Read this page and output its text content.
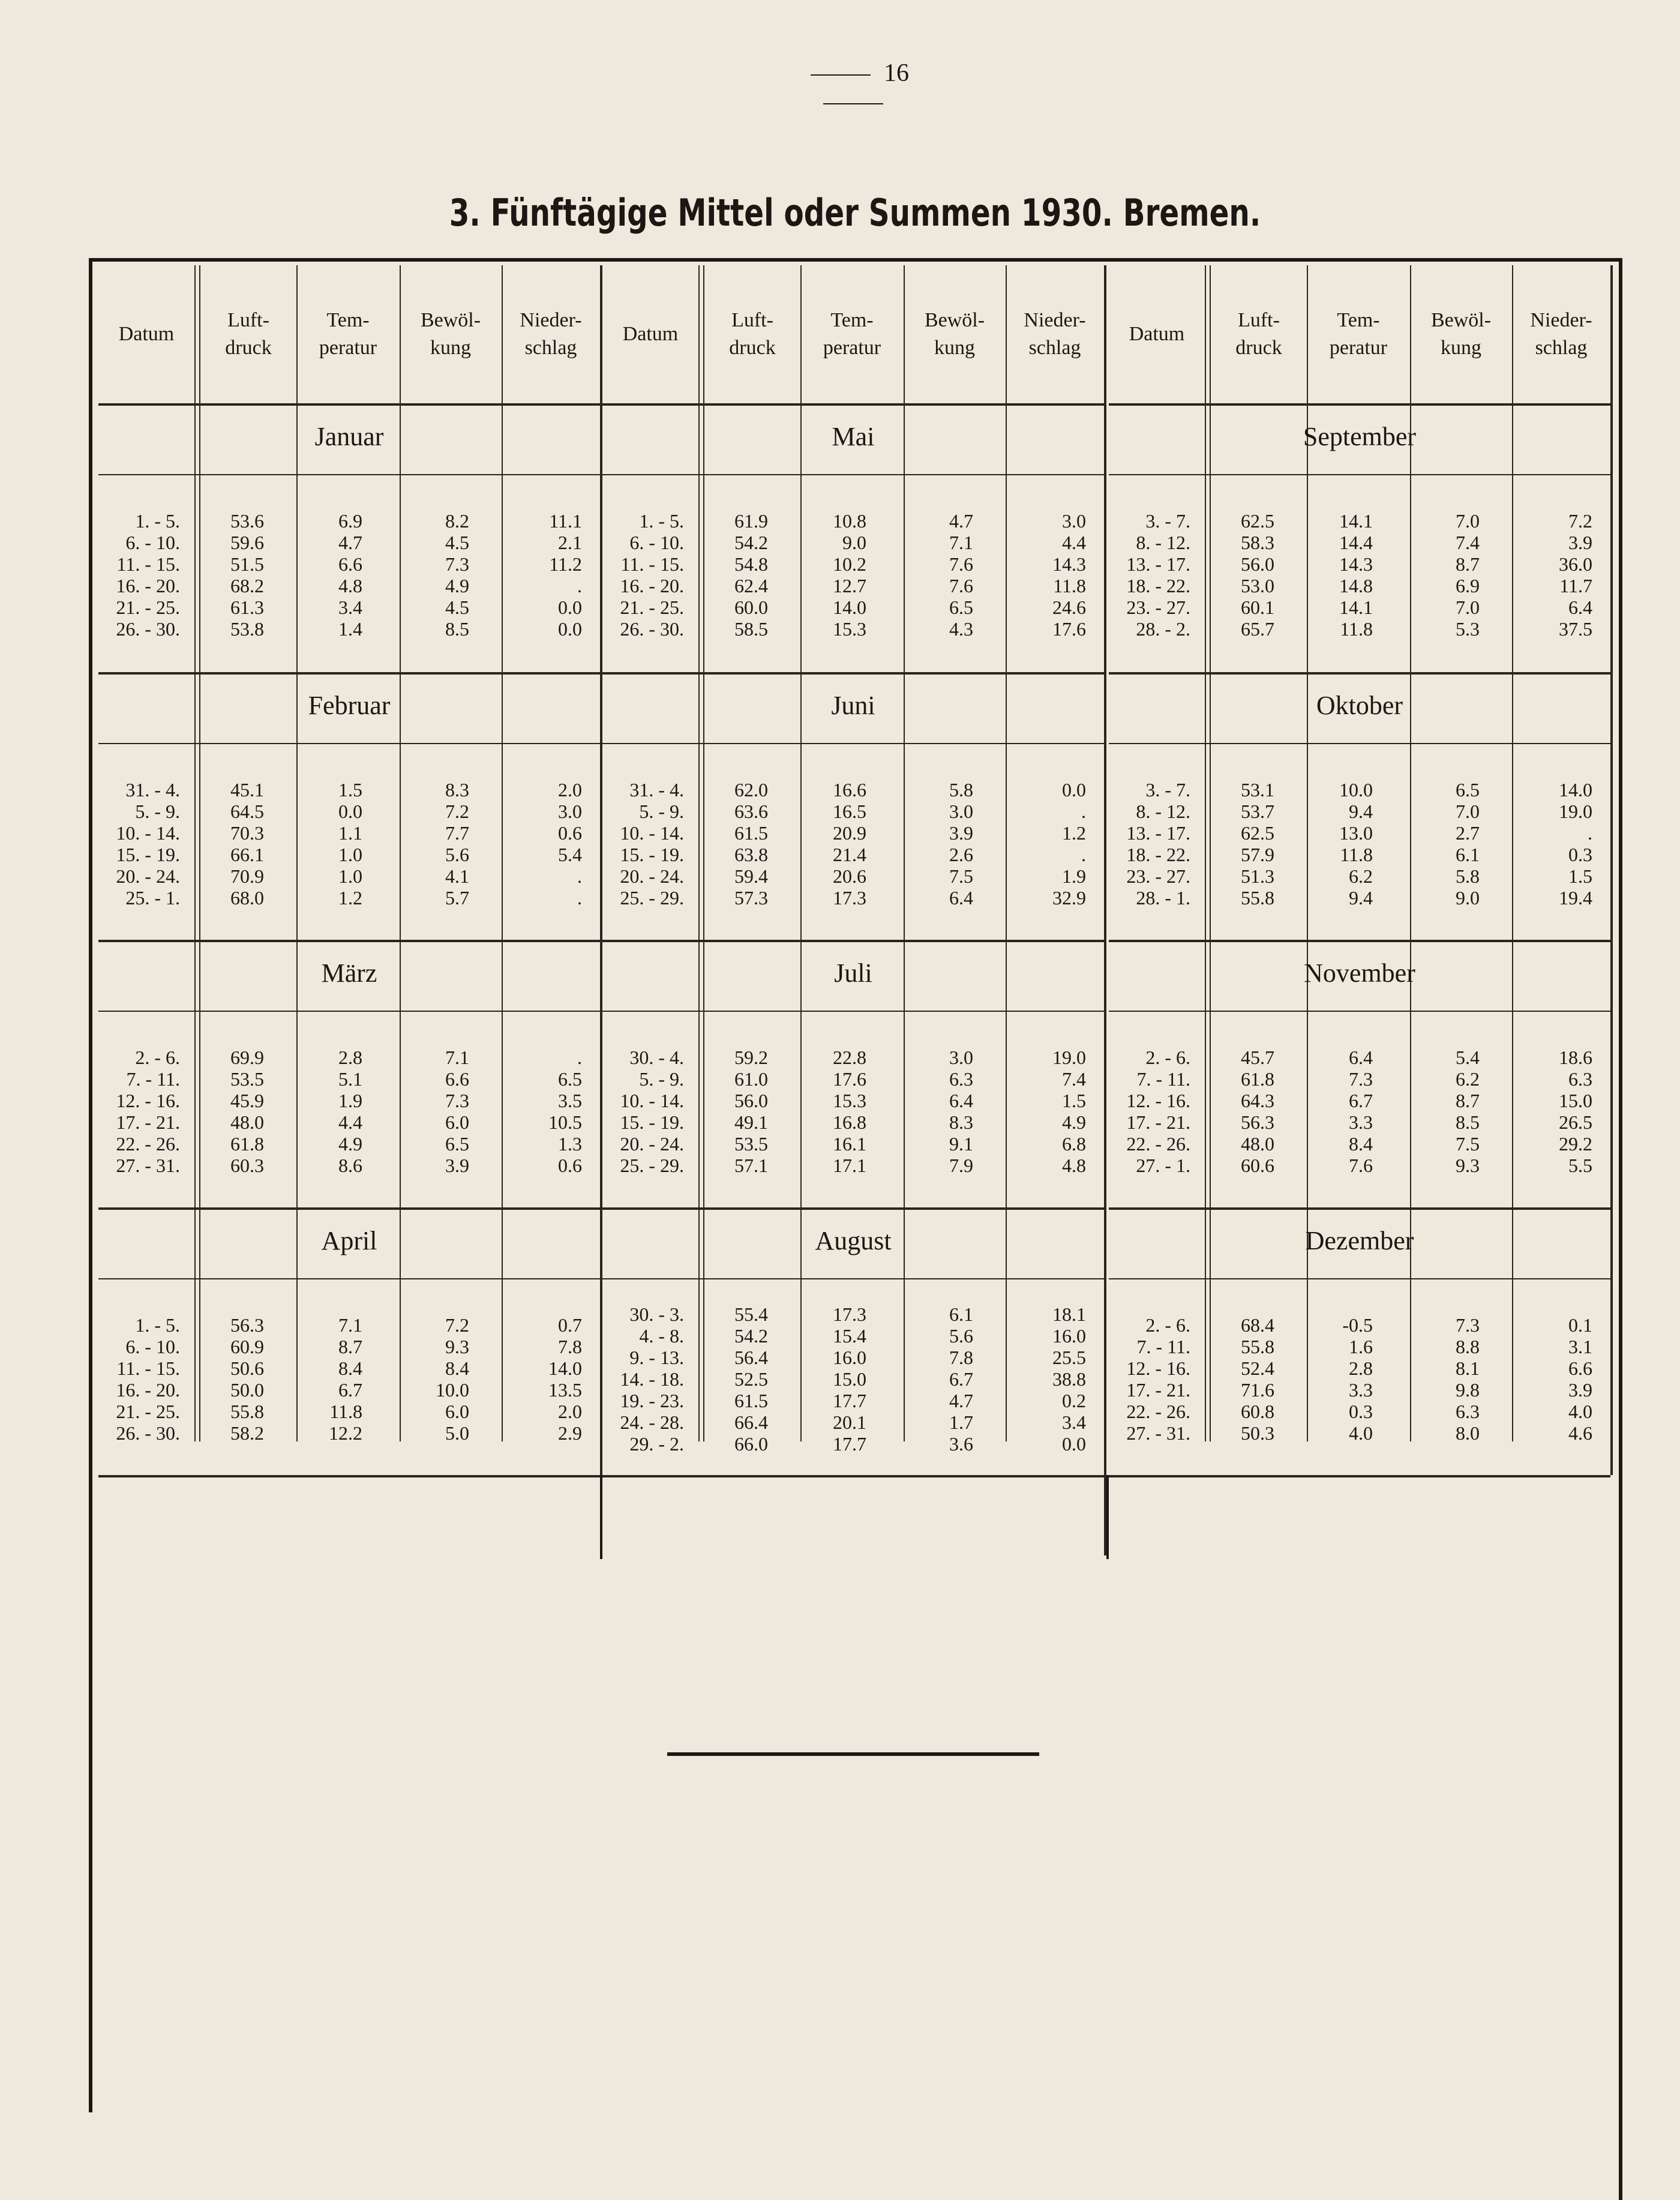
16
3. Fünftägige Mittel oder Summen 1930. Bremen.
Datum
Luft-
druck
Tem-
peratur
Bewöl-
kung
Nieder-
schlag
Januar
1. - 5.
6. - 10.
11. - 15.
16. - 20.
21. - 25.
26. - 30.
53.6
59.6
51.5
68.2
61.3
53.8
6.9
4.7
6.6
4.8
3.4
1.4
8.2
4.5
7.3
4.9
4.5
8.5
11.1
2.1
11.2
.
0.0
0.0
Februar
31. - 4.
5. - 9.
10. - 14.
15. - 19.
20. - 24.
25. - 1.
45.1
64.5
70.3
66.1
70.9
68.0
1.5
0.0
1.1
1.0
1.0
1.2
8.3
7.2
7.7
5.6
4.1
5.7
2.0
3.0
0.6
5.4
.
.
März
2. - 6.
7. - 11.
12. - 16.
17. - 21.
22. - 26.
27. - 31.
69.9
53.5
45.9
48.0
61.8
60.3
2.8
5.1
1.9
4.4
4.9
8.6
7.1
6.6
7.3
6.0
6.5
3.9
.
6.5
3.5
10.5
1.3
0.6
April
1. - 5.
6. - 10.
11. - 15.
16. - 20.
21. - 25.
26. - 30.
56.3
60.9
50.6
50.0
55.8
58.2
7.1
8.7
8.4
6.7
11.8
12.2
7.2
9.3
8.4
10.0
6.0
5.0
0.7
7.8
14.0
13.5
2.0
2.9
Datum
Luft-
druck
Tem-
peratur
Bewöl-
kung
Nieder-
schlag
Mai
1. - 5.
6. - 10.
11. - 15.
16. - 20.
21. - 25.
26. - 30.
61.9
54.2
54.8
62.4
60.0
58.5
10.8
9.0
10.2
12.7
14.0
15.3
4.7
7.1
7.6
7.6
6.5
4.3
3.0
4.4
14.3
11.8
24.6
17.6
Juni
31. - 4.
5. - 9.
10. - 14.
15. - 19.
20. - 24.
25. - 29.
62.0
63.6
61.5
63.8
59.4
57.3
16.6
16.5
20.9
21.4
20.6
17.3
5.8
3.0
3.9
2.6
7.5
6.4
0.0
.
1.2
.
1.9
32.9
Juli
30. - 4.
5. - 9.
10. - 14.
15. - 19.
20. - 24.
25. - 29.
59.2
61.0
56.0
49.1
53.5
57.1
22.8
17.6
15.3
16.8
16.1
17.1
3.0
6.3
6.4
8.3
9.1
7.9
19.0
7.4
1.5
4.9
6.8
4.8
August
30. - 3.
4. - 8.
9. - 13.
14. - 18.
19. - 23.
24. - 28.
29. - 2.
55.4
54.2
56.4
52.5
61.5
66.4
66.0
17.3
15.4
16.0
15.0
17.7
20.1
17.7
6.1
5.6
7.8
6.7
4.7
1.7
3.6
18.1
16.0
25.5
38.8
0.2
3.4
0.0
Datum
Luft-
druck
Tem-
peratur
Bewöl-
kung
Nieder-
schlag
September
3. - 7.
8. - 12.
13. - 17.
18. - 22.
23. - 27.
28. - 2.
62.5
58.3
56.0
53.0
60.1
65.7
14.1
14.4
14.3
14.8
14.1
11.8
7.0
7.4
8.7
6.9
7.0
5.3
7.2
3.9
36.0
11.7
6.4
37.5
Oktober
3. - 7.
8. - 12.
13. - 17.
18. - 22.
23. - 27.
28. - 1.
53.1
53.7
62.5
57.9
51.3
55.8
10.0
9.4
13.0
11.8
6.2
9.4
6.5
7.0
2.7
6.1
5.8
9.0
14.0
19.0
.
0.3
1.5
19.4
November
2. - 6.
7. - 11.
12. - 16.
17. - 21.
22. - 26.
27. - 1.
45.7
61.8
64.3
56.3
48.0
60.6
6.4
7.3
6.7
3.3
8.4
7.6
5.4
6.2
8.7
8.5
7.5
9.3
18.6
6.3
15.0
26.5
29.2
5.5
Dezember
2. - 6.
7. - 11.
12. - 16.
17. - 21.
22. - 26.
27. - 31.
68.4
55.8
52.4
71.6
60.8
50.3
-0.5
1.6
2.8
3.3
0.3
4.0
7.3
8.8
8.1
9.8
6.3
8.0
0.1
3.1
6.6
3.9
4.0
4.6
